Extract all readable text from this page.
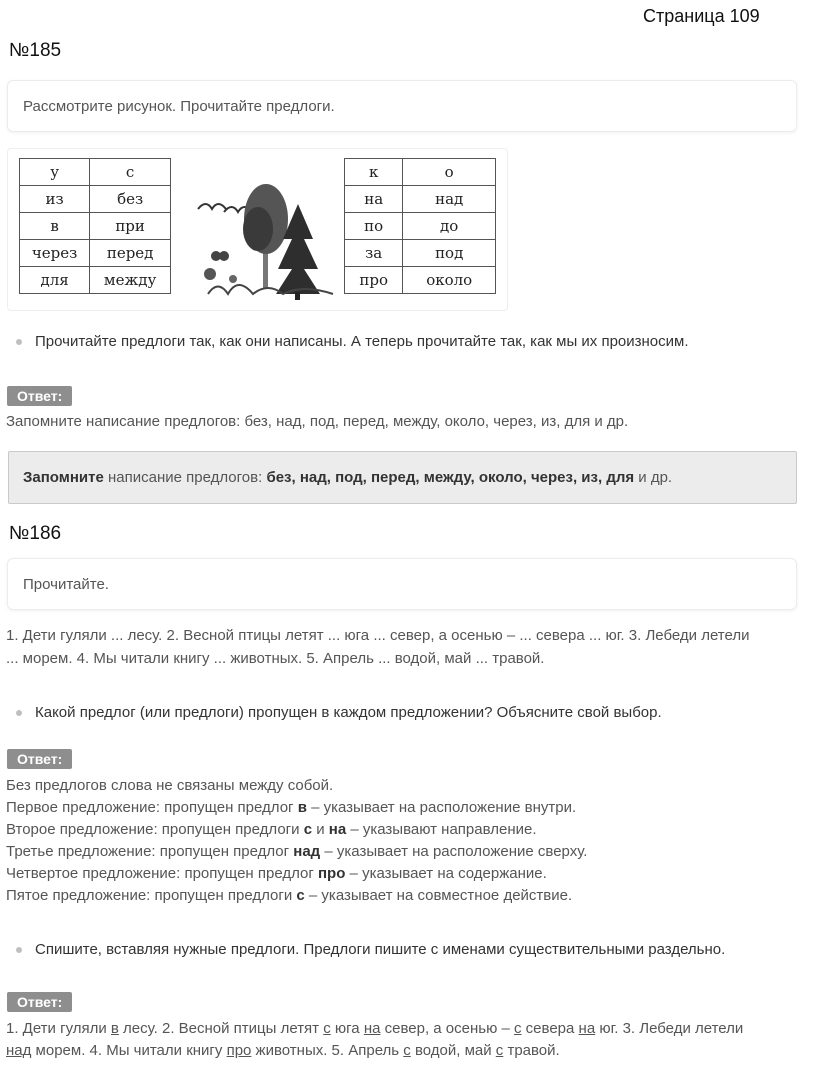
Страница 109
№185
Рассмотрите рисунок. Прочитайте предлоги.
у	с
из	без
в	при
через	перед
для	между
к	о
на	над
по	до
за	под
про	около
Прочитайте предлоги так, как они написаны. А теперь прочитайте так, как мы их произносим.
Ответ:
Запомните написание предлогов: без, над, под, перед, между, около, через, из, для и др.
Запомните написание предлогов: без, над, под, перед, между, около, через, из, для и др.
№186
Прочитайте.
1. Дети гуляли ... лесу. 2. Весной птицы летят ... юга ... север, а осенью – ... севера ... юг. 3. Лебеди летели
... морем. 4. Мы читали книгу ... животных. 5. Апрель ... водой, май ... травой.
Какой предлог (или предлоги) пропущен в каждом предложении? Объясните свой выбор.
Ответ:
Без предлогов слова не связаны между собой.
Первое предложение: пропущен предлог в – указывает на расположение внутри.
Второе предложение: пропущен предлоги с и на – указывают направление.
Третье предложение: пропущен предлог над – указывает на расположение сверху.
Четвертое предложение: пропущен предлог про – указывает на содержание.
Пятое предложение: пропущен предлоги с – указывает на совместное действие.
Спишите, вставляя нужные предлоги. Предлоги пишите с именами существительными раздельно.
Ответ:
1. Дети гуляли в лесу. 2. Весной птицы летят с юга на север, а осенью – с севера на юг. 3. Лебеди летели
над морем. 4. Мы читали книгу про животных. 5. Апрель с водой, май с травой.
